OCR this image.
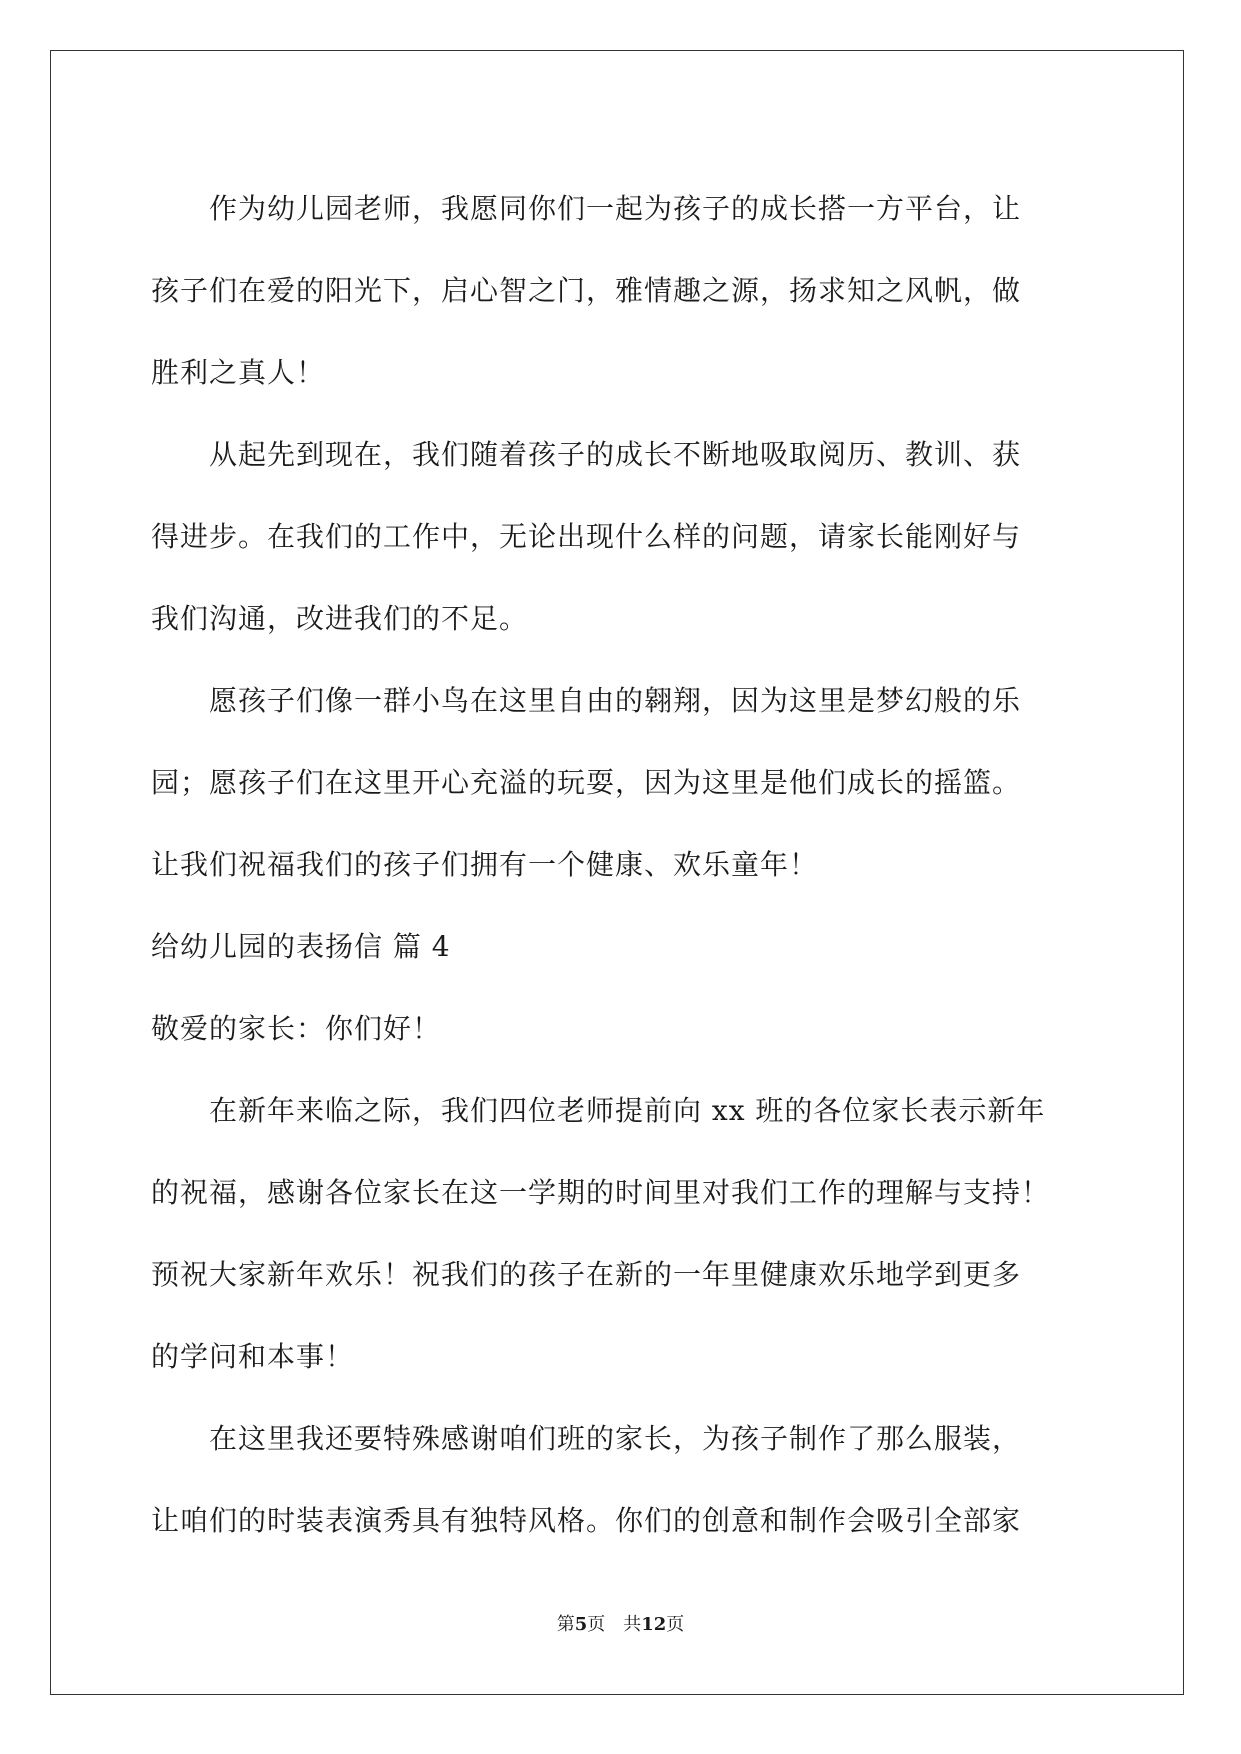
　　作为幼儿园老师，我愿同你们一起为孩子的成长搭一方平台，让
孩子们在爱的阳光下，启心智之门，雅情趣之源，扬求知之风帆，做
胜利之真人！
　　从起先到现在，我们随着孩子的成长不断地吸取阅历、教训、获
得进步。在我们的工作中，无论出现什么样的问题，请家长能刚好与
我们沟通，改进我们的不足。
　　愿孩子们像一群小鸟在这里自由的翱翔，因为这里是梦幻般的乐
园；愿孩子们在这里开心充溢的玩耍，因为这里是他们成长的摇篮。
让我们祝福我们的孩子们拥有一个健康、欢乐童年！
给幼儿园的表扬信 篇 4
敬爱的家长：你们好！
　　在新年来临之际，我们四位老师提前向 xx 班的各位家长表示新年
的祝福，感谢各位家长在这一学期的时间里对我们工作的理解与支持！
预祝大家新年欢乐！祝我们的孩子在新的一年里健康欢乐地学到更多
的学问和本事！
　　在这里我还要特殊感谢咱们班的家长，为孩子制作了那么服装，
让咱们的时装表演秀具有独特风格。你们的创意和制作会吸引全部家
第5页　 共12页
